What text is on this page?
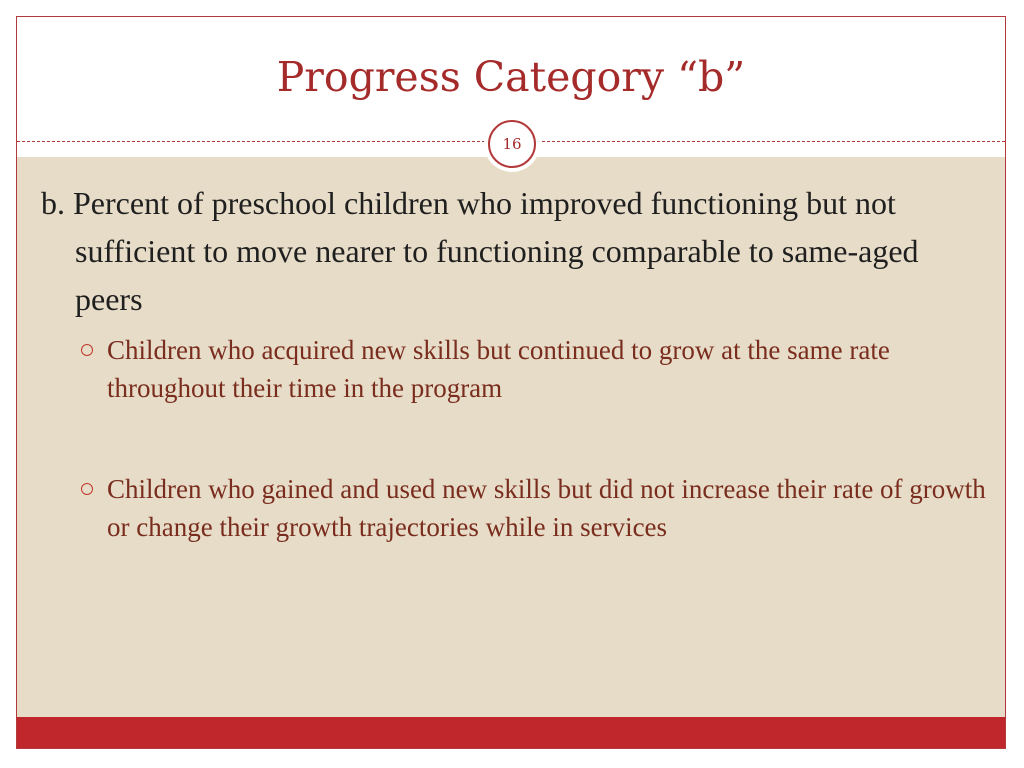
Progress Category “b”
16

b. Percent of preschool children who improved functioning but not sufficient to move nearer to functioning comparable to same-aged peers

Children who acquired new skills but continued to grow at the same rate throughout their time in the program
Children who gained and used new skills but did not increase their rate of growth or change their growth trajectories while in services
